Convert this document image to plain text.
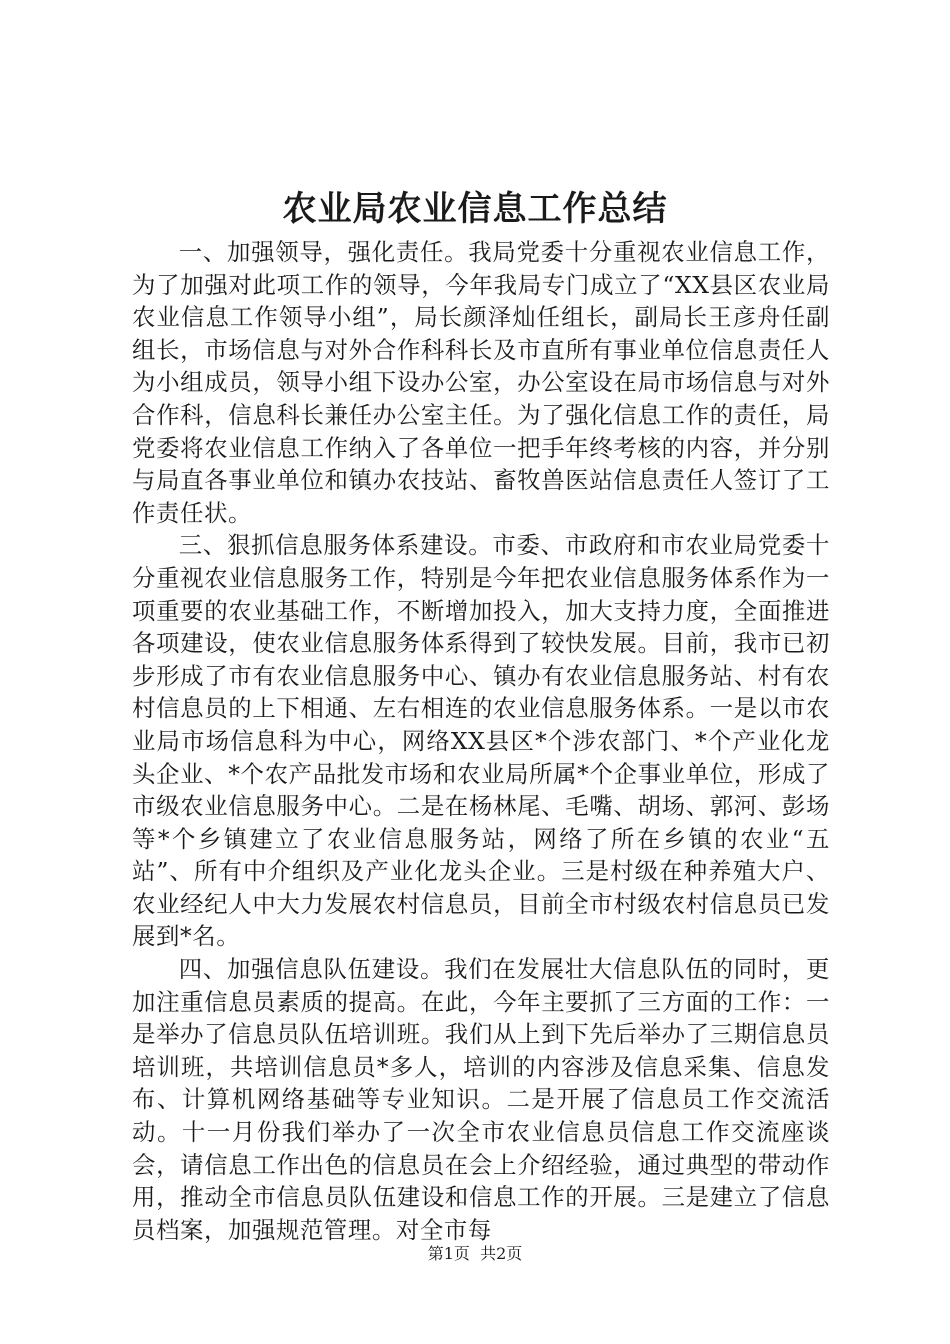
农业局农业信息工作总结

一、加强领导，强化责任。我局党委十分重视农业信息工作，为了加强对此项工作的领导，今年我局专门成立了“XX县区农业局农业信息工作领导小组”，局长颜泽灿任组长，副局长王彦舟任副组长，市场信息与对外合作科科长及市直所有事业单位信息责任人为小组成员，领导小组下设办公室，办公室设在局市场信息与对外合作科，信息科长兼任办公室主任。为了强化信息工作的责任，局党委将农业信息工作纳入了各单位一把手年终考核的内容，并分别与局直各事业单位和镇办农技站、畜牧兽医站信息责任人签订了工作责任状。

三、狠抓信息服务体系建设。市委、市政府和市农业局党委十分重视农业信息服务工作，特别是今年把农业信息服务体系作为一项重要的农业基础工作，不断增加投入，加大支持力度，全面推进各项建设，使农业信息服务体系得到了较快发展。目前，我市已初步形成了市有农业信息服务中心、镇办有农业信息服务站、村有农村信息员的上下相通、左右相连的农业信息服务体系。一是以市农业局市场信息科为中心，网络XX县区*个涉农部门、*个产业化龙头企业、*个农产品批发市场和农业局所属*个企事业单位，形成了市级农业信息服务中心。二是在杨林尾、毛嘴、胡场、郭河、彭场等*个乡镇建立了农业信息服务站，网络了所在乡镇的农业“五站”、所有中介组织及产业化龙头企业。三是村级在种养殖大户、农业经纪人中大力发展农村信息员，目前全市村级农村信息员已发展到*名。

四、加强信息队伍建设。我们在发展壮大信息队伍的同时，更加注重信息员素质的提高。在此，今年主要抓了三方面的工作：一是举办了信息员队伍培训班。我们从上到下先后举办了三期信息员培训班，共培训信息员*多人，培训的内容涉及信息采集、信息发布、计算机网络基础等专业知识。二是开展了信息员工作交流活动。十一月份我们举办了一次全市农业信息员信息工作交流座谈会，请信息工作出色的信息员在会上介绍经验，通过典型的带动作用，推动全市信息员队伍建设和信息工作的开展。三是建立了信息员档案，加强规范管理。对全市每

第1页 共2页
